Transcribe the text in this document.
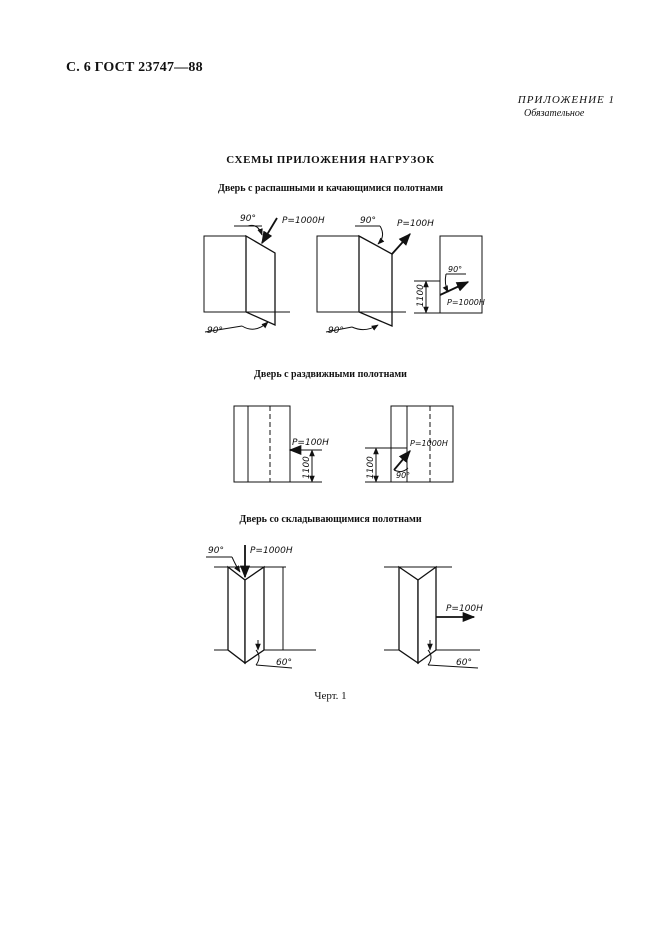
С. 6 ГОСТ 23747—88
ПРИЛОЖЕНИЕ 1
Обязательное
СХЕМЫ ПРИЛОЖЕНИЯ НАГРУЗОК
Дверь с распашными и качающимися полотнами
Дверь с раздвижными полотнами
Дверь со складывающимися полотнами
Черт. 1
90°	P=1000Н
90°
90° P=100Н
90°
1100
90°
P=1000Н
1100
P=100Н
1100	90°
P=1000Н
90°	P=1000Н
60°
P=100Н
60°
